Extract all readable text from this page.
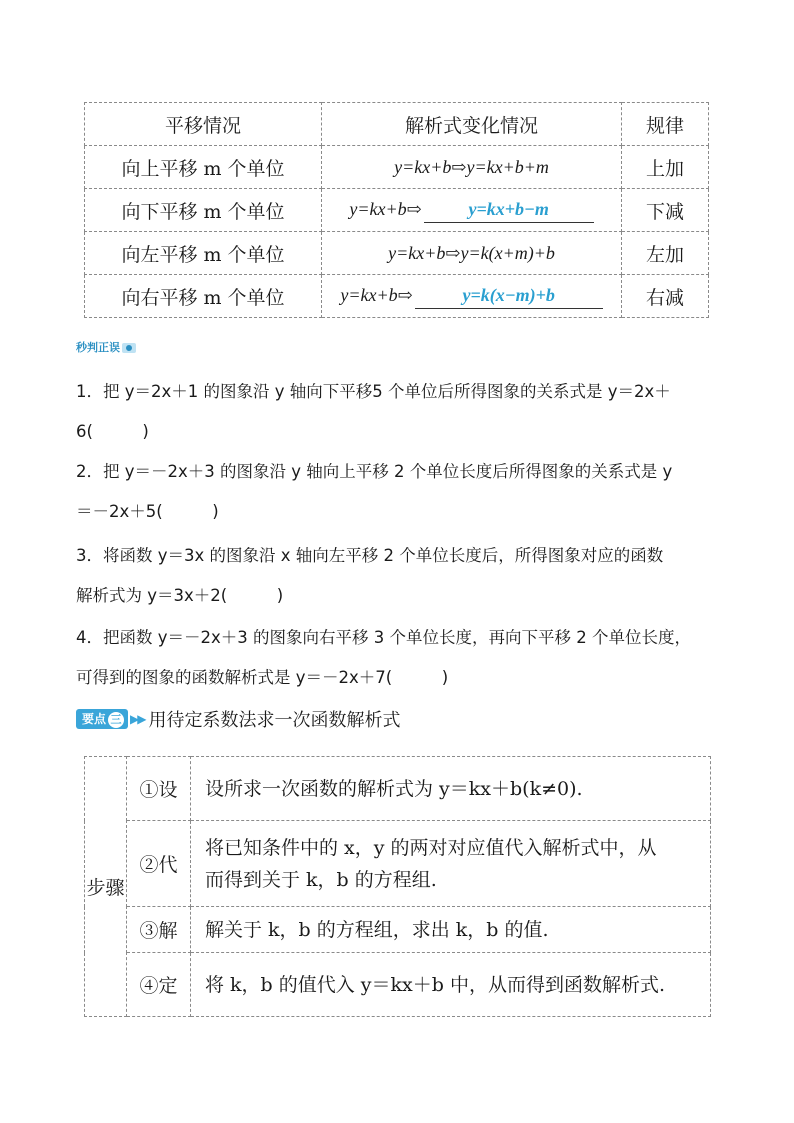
平移情况	解析式变化情况	规律
向上平移 m 个单位	y=kx+b⇨y=kx+b+m	上加
向下平移 m 个单位	y=kx+b⇨ y=kx+b−m	下减
向左平移 m 个单位	y=kx+b⇨y=k(x+m)+b	左加
向右平移 m 个单位	y=kx+b⇨ y=k(x−m)+b	右减
秒判正误
1．把 y＝2x＋1 的图象沿 y 轴向下平移5 个单位后所得图象的关系式是 y＝2x＋
6(　　　)
2．把 y＝－2x＋3 的图象沿 y 轴向上平移 2 个单位长度后所得图象的关系式是 y
＝－2x＋5(　　　)
3．将函数 y＝3x 的图象沿 x 轴向左平移 2 个单位长度后，所得图象对应的函数
解析式为 y＝3x＋2(　　　)
4．把函数 y＝－2x＋3 的图象向右平移 3 个单位长度，再向下平移 2 个单位长度，
可得到的图象的函数解析式是 y＝－2x＋7(　　　)
要点 三 ▶▶ 用待定系数法求一次函数解析式
步骤	①设	设所求一次函数的解析式为 y＝kx＋b(k≠0).

	②代	将已知条件中的 x，y 的两对对应值代入解析式中，从
而得到关于 k，b 的方程组.

	③解	解关于 k，b 的方程组，求出 k，b 的值.

	④定	将 k，b 的值代入 y＝kx＋b 中，从而得到函数解析式.
